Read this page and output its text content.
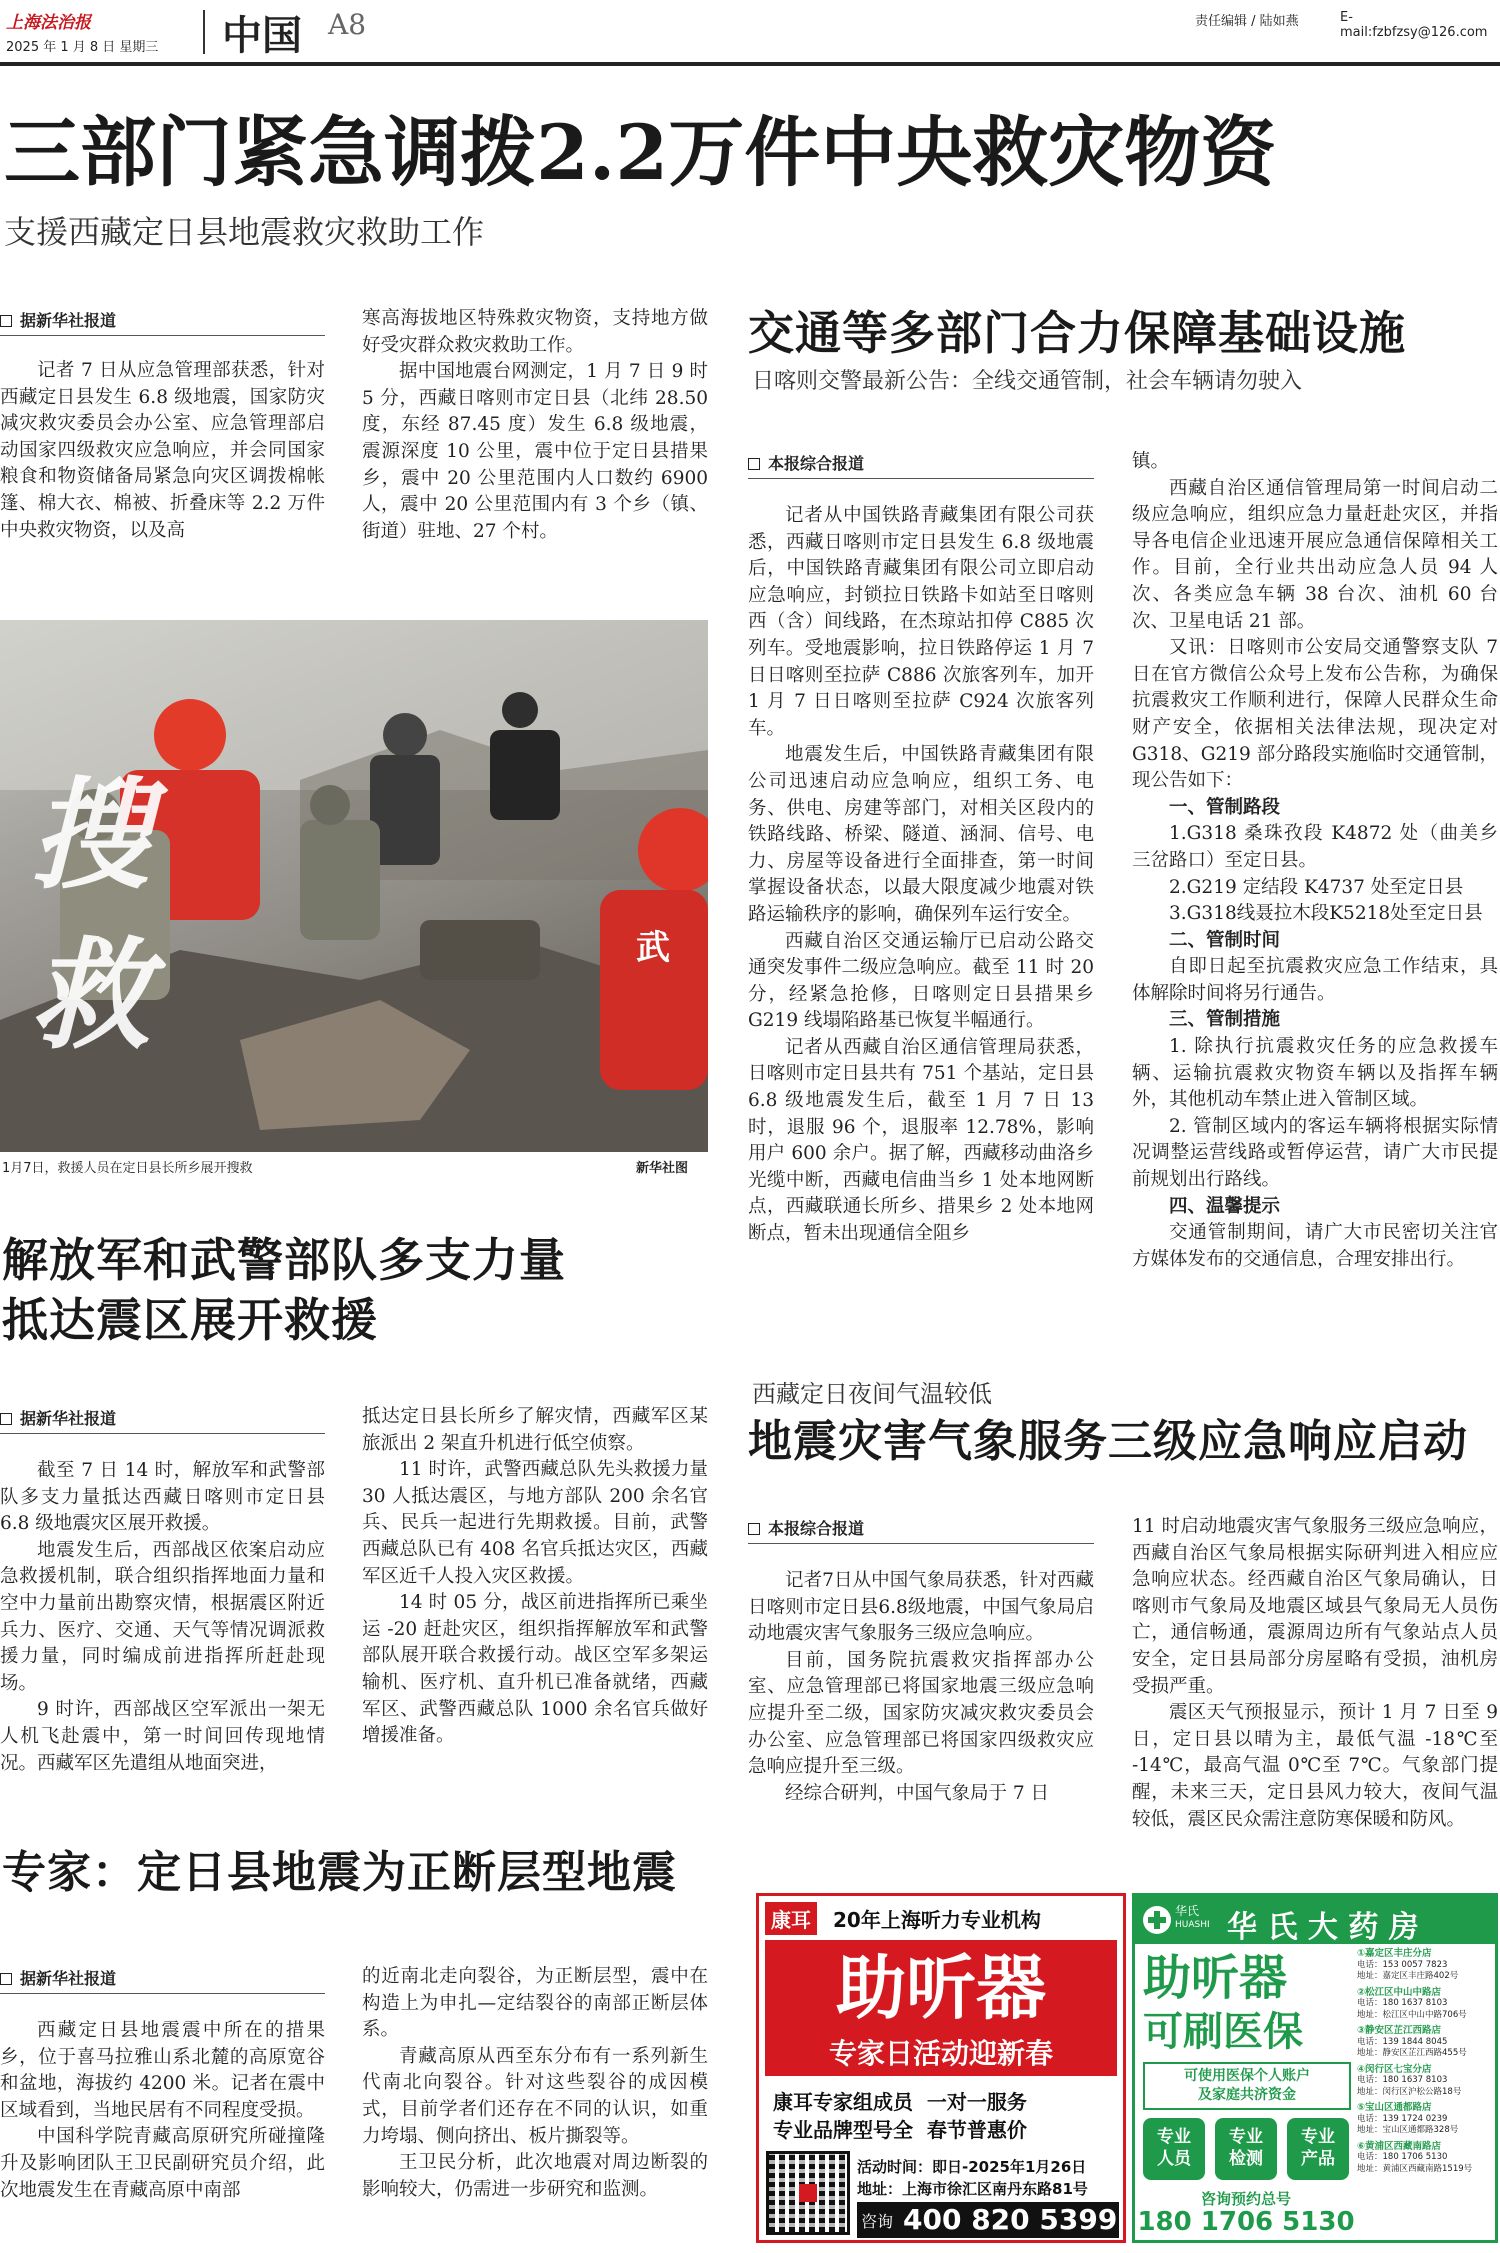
上海法治报
2025 年 1 月 8 日 星期三 中国 A8	责任编辑 / 陆如燕	E-mail:fzbfzsy@126.com
三部门紧急调拨2.2万件中央救灾物资
支援西藏定日县地震救灾救助工作
据新华社报道

记者 7 日从应急管理部获悉，针对西藏定日县发生 6.8 级地震，国家防灾减灾救灾委员会办公室、应急管理部启动国家四级救灾应急响应，并会同国家粮食和物资储备局紧急向灾区调拨棉帐篷、棉大衣、棉被、折叠床等 2.2 万件中央救灾物资，以及高

寒高海拔地区特殊救灾物资，支持地方做好受灾群众救灾救助工作。

据中国地震台网测定，1 月 7 日 9 时 5 分，西藏日喀则市定日县（北纬 28.50 度，东经 87.45 度）发生 6.8 级地震，震源深度 10 公里，震中位于定日县措果乡，震中 20 公里范围内人口数约 6900 人，震中 20 公里范围内有 3 个乡（镇、街道）驻地、27 个村。

搜
救	武
1月7日，救援人员在定日县长所乡展开搜救	新华社图
解放军和武警部队多支力量
抵达震区展开救援
据新华社报道

截至 7 日 14 时，解放军和武警部队多支力量抵达西藏日喀则市定日县 6.8 级地震灾区展开救援。

地震发生后，西部战区依案启动应急救援机制，联合组织指挥地面力量和空中力量前出勘察灾情，根据震区附近兵力、医疗、交通、天气等情况调派救援力量，同时编成前进指挥所赶赴现场。

9 时许，西部战区空军派出一架无人机飞赴震中，第一时间回传现地情况。西藏军区先遣组从地面突进，

抵达定日县长所乡了解灾情，西藏军区某旅派出 2 架直升机进行低空侦察。

11 时许，武警西藏总队先头救援力量 30 人抵达震区，与地方部队 200 余名官兵、民兵一起进行先期救援。目前，武警西藏总队已有 408 名官兵抵达灾区，西藏军区近千人投入灾区救援。

14 时 05 分，战区前进指挥所已乘坐运 -20 赶赴灾区，组织指挥解放军和武警部队展开联合救援行动。战区空军多架运输机、医疗机、直升机已准备就绪，西藏军区、武警西藏总队 1000 余名官兵做好增援准备。

专家：定日县地震为正断层型地震
据新华社报道

西藏定日县地震震中所在的措果乡，位于喜马拉雅山系北麓的高原宽谷和盆地，海拔约 4200 米。记者在震中区域看到，当地民居有不同程度受损。

中国科学院青藏高原研究所碰撞隆升及影响团队王卫民副研究员介绍，此次地震发生在青藏高原中南部

的近南北走向裂谷，为正断层型，震中在构造上为申扎—定结裂谷的南部正断层体系。

青藏高原从西至东分布有一系列新生代南北向裂谷。针对这些裂谷的成因模式，目前学者们还存在不同的认识，如重力垮塌、侧向挤出、板片撕裂等。

王卫民分析，此次地震对周边断裂的影响较大，仍需进一步研究和监测。

交通等多部门合力保障基础设施
日喀则交警最新公告：全线交通管制，社会车辆请勿驶入
本报综合报道

记者从中国铁路青藏集团有限公司获悉，西藏日喀则市定日县发生 6.8 级地震后，中国铁路青藏集团有限公司立即启动应急响应，封锁拉日铁路卡如站至日喀则西（含）间线路，在杰琼站扣停 C885 次列车。受地震影响，拉日铁路停运 1 月 7 日日喀则至拉萨 C886 次旅客列车，加开 1 月 7 日日喀则至拉萨 C924 次旅客列车。

地震发生后，中国铁路青藏集团有限公司迅速启动应急响应，组织工务、电务、供电、房建等部门，对相关区段内的铁路线路、桥梁、隧道、涵洞、信号、电力、房屋等设备进行全面排查，第一时间掌握设备状态，以最大限度减少地震对铁路运输秩序的影响，确保列车运行安全。

西藏自治区交通运输厅已启动公路交通突发事件二级应急响应。截至 11 时 20 分，经紧急抢修，日喀则定日县措果乡 G219 线塌陷路基已恢复半幅通行。

记者从西藏自治区通信管理局获悉，日喀则市定日县共有 751 个基站，定日县 6.8 级地震发生后，截至 1 月 7 日 13 时，退服 96 个，退服率 12.78%，影响用户 600 余户。据了解，西藏移动曲洛乡光缆中断，西藏电信曲当乡 1 处本地网断点，西藏联通长所乡、措果乡 2 处本地网断点，暂未出现通信全阻乡

镇。

西藏自治区通信管理局第一时间启动二级应急响应，组织应急力量赶赴灾区，并指导各电信企业迅速开展应急通信保障相关工作。目前，全行业共出动应急人员 94 人次、各类应急车辆 38 台次、油机 60 台次、卫星电话 21 部。

又讯：日喀则市公安局交通警察支队 7 日在官方微信公众号上发布公告称，为确保抗震救灾工作顺利进行，保障人民群众生命财产安全，依据相关法律法规，现决定对 G318、G219 部分路段实施临时交通管制，现公告如下：

一、管制路段

1.G318 桑珠孜段 K4872 处（曲美乡三岔路口）至定日县。

2.G219 定结段 K4737 处至定日县

3.G318线聂拉木段K5218处至定日县

二、管制时间

自即日起至抗震救灾应急工作结束，具体解除时间将另行通告。

三、管制措施

1. 除执行抗震救灾任务的应急救援车辆、运输抗震救灾物资车辆以及指挥车辆外，其他机动车禁止进入管制区域。

2. 管制区域内的客运车辆将根据实际情况调整运营线路或暂停运营，请广大市民提前规划出行路线。

四、温馨提示

交通管制期间，请广大市民密切关注官方媒体发布的交通信息，合理安排出行。

西藏定日夜间气温较低
地震灾害气象服务三级应急响应启动
本报综合报道

记者7日从中国气象局获悉，针对西藏日喀则市定日县6.8级地震，中国气象局启动地震灾害气象服务三级应急响应。

目前，国务院抗震救灾指挥部办公室、应急管理部已将国家地震三级应急响应提升至二级，国家防灾减灾救灾委员会办公室、应急管理部已将国家四级救灾应急响应提升至三级。

经综合研判，中国气象局于 7 日

11 时启动地震灾害气象服务三级应急响应，西藏自治区气象局根据实际研判进入相应应急响应状态。经西藏自治区气象局确认，日喀则市气象局及地震区域县气象局无人员伤亡，通信畅通，震源周边所有气象站点人员安全，定日县局部分房屋略有受损，油机房受损严重。

震区天气预报显示，预计 1 月 7 日至 9 日，定日县以晴为主，最低气温 -18℃至 -14℃，最高气温 0℃至 7℃。气象部门提醒，未来三天，定日县风力较大，夜间气温较低，震区民众需注意防寒保暖和防风。

康耳	20年上海听力专业机构
助听器
专家日活动迎新春
康耳专家组成员  一对一服务
专业品牌型号全  春节普惠价
活动时间：即日-2025年1月26日
地址：上海市徐汇区南丹东路81号
咨询 400 820 5399
华氏
HUASHI 华 氏 大 药 房
助听器
可刷医保
可使用医保个人账户
及家庭共济资金
专业
人员
专业
检测
专业
产品
咨询预约总号
180 1706 5130
①嘉定区丰庄分店
电话：153 0057 7823
地址：嘉定区丰庄路402号
②松江区中山中路店
电话：180 1637 8103
地址：松江区中山中路706号
③静安区芷江西路店
电话：139 1844 8045
地址：静安区芷江西路455号
④闵行区七宝分店
电话：180 1637 8103
地址：闵行区沪松公路18号
⑤宝山区通都路店
电话：139 1724 0239
地址：宝山区通都路328号
⑥黄浦区西藏南路店
电话：180 1706 5130
地址：黄浦区西藏南路1519号
